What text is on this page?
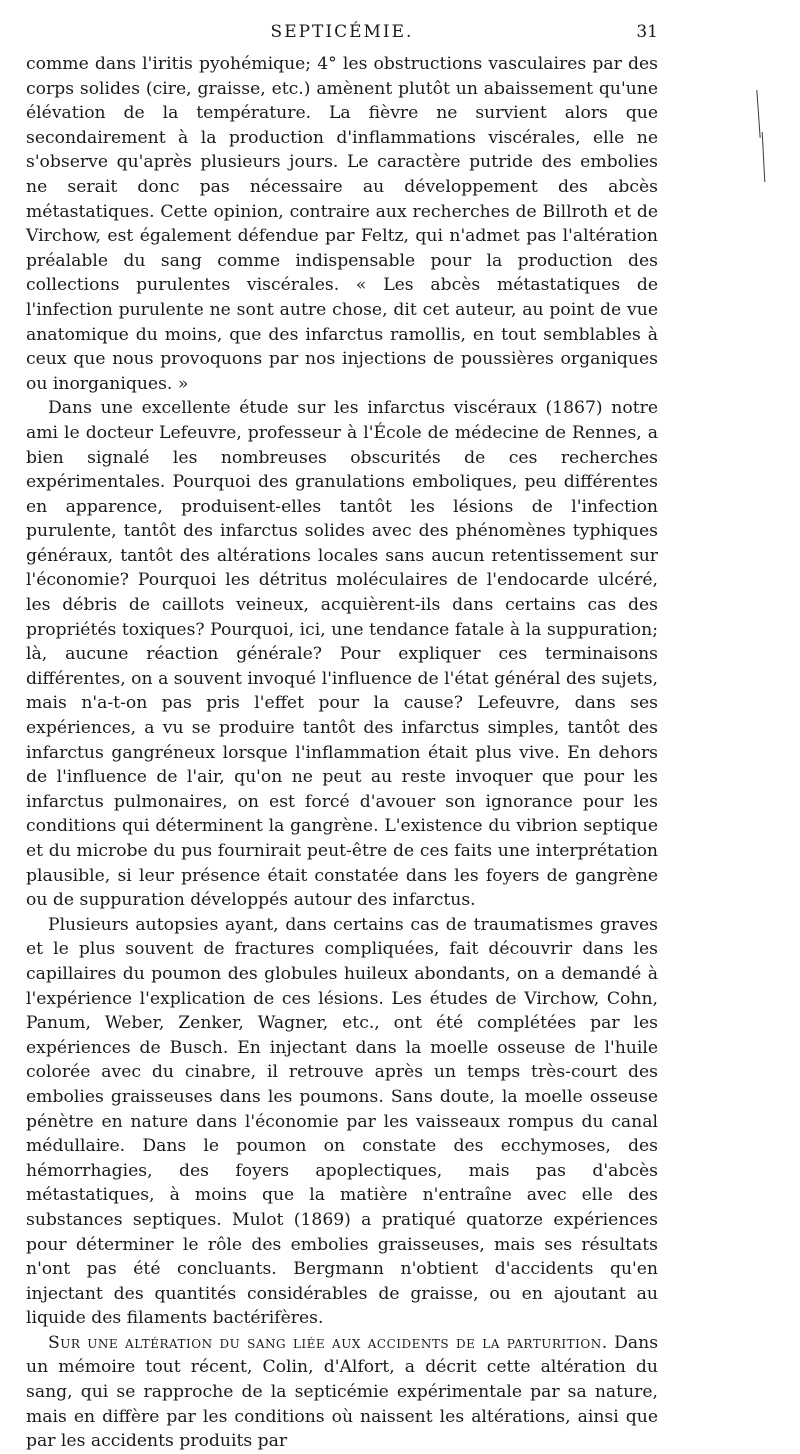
SEPTICÉMIE.	31

comme dans l'iritis pyohémique; 4° les obstructions vasculaires par des corps solides (cire, graisse, etc.) amènent plutôt un abaissement qu'une élévation de la température. La fièvre ne survient alors que secondairement à la production d'inflammations viscérales, elle ne s'observe qu'après plusieurs jours. Le caractère putride des embolies ne serait donc pas nécessaire au développement des abcès métastatiques. Cette opinion, contraire aux recherches de Billroth et de Virchow, est également défendue par Feltz, qui n'admet pas l'altération préalable du sang comme indispensable pour la production des collections purulentes viscérales. « Les abcès métastatiques de l'infection purulente ne sont autre chose, dit cet auteur, au point de vue anatomique du moins, que des infarctus ramollis, en tout semblables à ceux que nous provoquons par nos injections de poussières organiques ou inorganiques. »

Dans une excellente étude sur les infarctus viscéraux (1867) notre ami le docteur Lefeuvre, professeur à l'École de médecine de Rennes, a bien signalé les nombreuses obscurités de ces recherches expérimentales. Pourquoi des granulations emboliques, peu différentes en apparence, produisent-elles tantôt les lésions de l'infection purulente, tantôt des infarctus solides avec des phénomènes typhiques généraux, tantôt des altérations locales sans aucun retentissement sur l'économie? Pourquoi les détritus moléculaires de l'endocarde ulcéré, les débris de caillots veineux, acquièrent-ils dans certains cas des propriétés toxiques? Pourquoi, ici, une tendance fatale à la suppuration; là, aucune réaction générale? Pour expliquer ces terminaisons différentes, on a souvent invoqué l'influence de l'état général des sujets, mais n'a-t-on pas pris l'effet pour la cause? Lefeuvre, dans ses expériences, a vu se produire tantôt des infarctus simples, tantôt des infarctus gangréneux lorsque l'inflammation était plus vive. En dehors de l'influence de l'air, qu'on ne peut au reste invoquer que pour les infarctus pulmonaires, on est forcé d'avouer son ignorance pour les conditions qui déterminent la gangrène. L'existence du vibrion septique et du microbe du pus fournirait peut-être de ces faits une interprétation plausible, si leur présence était constatée dans les foyers de gangrène ou de suppuration développés autour des infarctus.

Plusieurs autopsies ayant, dans certains cas de traumatismes graves et le plus souvent de fractures compliquées, fait découvrir dans les capillaires du poumon des globules huileux abondants, on a demandé à l'expérience l'explication de ces lésions. Les études de Virchow, Cohn, Panum, Weber, Zenker, Wagner, etc., ont été complétées par les expériences de Busch. En injectant dans la moelle osseuse de l'huile colorée avec du cinabre, il retrouve après un temps très-court des embolies graisseuses dans les poumons. Sans doute, la moelle osseuse pénètre en nature dans l'économie par les vaisseaux rompus du canal médullaire. Dans le poumon on constate des ecchymoses, des hémorrhagies, des foyers apoplectiques, mais pas d'abcès métastatiques, à moins que la matière n'entraîne avec elle des substances septiques. Mulot (1869) a pratiqué quatorze expériences pour déterminer le rôle des embolies graisseuses, mais ses résultats n'ont pas été concluants. Bergmann n'obtient d'accidents qu'en injectant des quantités considérables de graisse, ou en ajoutant au liquide des filaments bactérifères.

Sur une altération du sang liée aux accidents de la parturition. Dans un mémoire tout récent, Colin, d'Alfort, a décrit cette altération du sang, qui se rapproche de la septicémie expérimentale par sa nature, mais en diffère par les conditions où naissent les altérations, ainsi que par les accidents produits par
